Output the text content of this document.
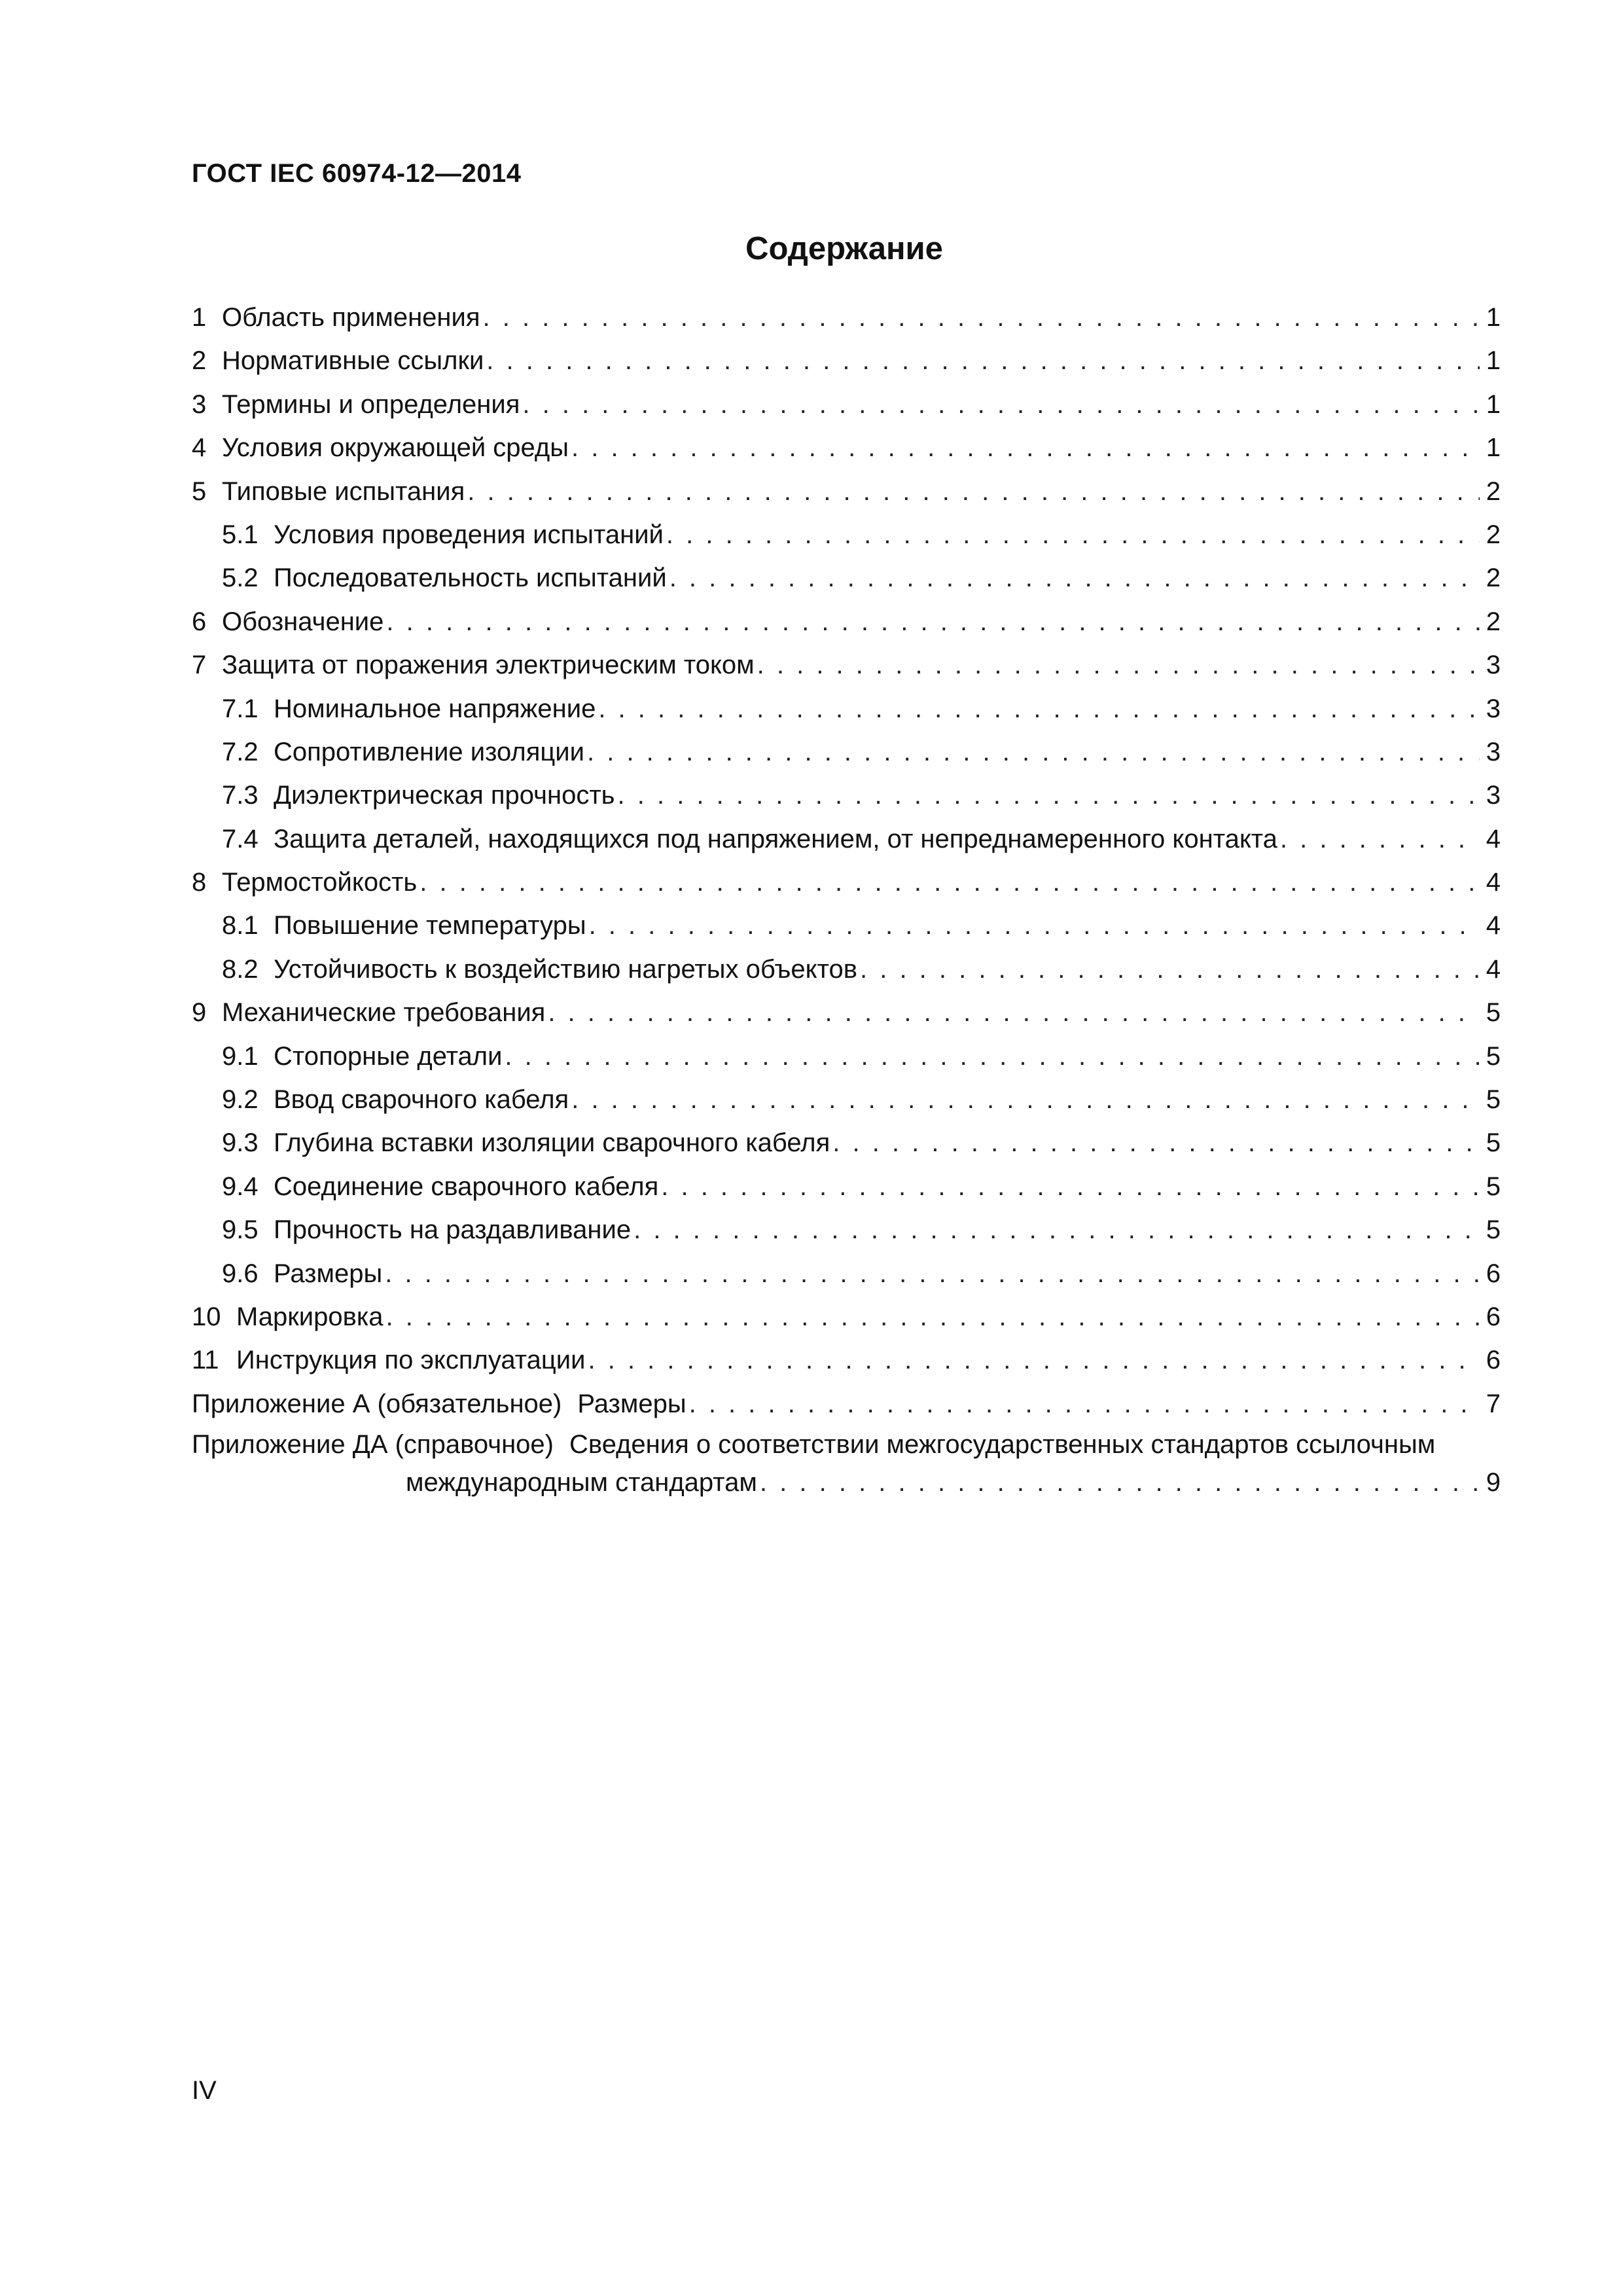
ГОСТ IEC 60974-12—2014
Содержание
1 Область применения . . .	1
2 Нормативные ссылки . . .	1
3 Термины и определения . . .	1
4 Условия окружающей среды . . .	1
5 Типовые испытания . . .	2
5.1 Условия проведения испытаний . . .	2
5.2 Последовательность испытаний . . .	2
6 Обозначение . . .	2
7 Защита от поражения электрическим током . . .	3
7.1 Номинальное напряжение . . .	3
7.2 Сопротивление изоляции . . .	3
7.3 Диэлектрическая прочность . . .	3
7.4 Защита деталей, находящихся под напряжением, от непреднамеренного контакта . . .	4
8 Термостойкость . . .	4
8.1 Повышение температуры . . .	4
8.2 Устойчивость к воздействию нагретых объектов . . .	4
9 Механические требования . . .	5
9.1 Стопорные детали . . .	5
9.2 Ввод сварочного кабеля . . .	5
9.3 Глубина вставки изоляции сварочного кабеля . . .	5
9.4 Соединение сварочного кабеля . . .	5
9.5 Прочность на раздавливание . . .	5
9.6 Размеры . . .	6
10 Маркировка . . .	6
11 Инструкция по эксплуатации . . .	6
Приложение А (обязательное) Размеры . . .	7
Приложение ДА (справочное) Сведения о соответствии межгосударственных стандартов ссылочным
международным стандартам . . .	9
IV
